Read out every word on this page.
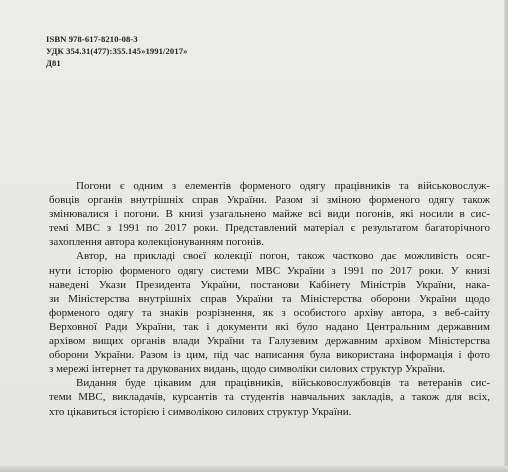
ISBN 978-617-8210-08-3
УДК 354.31(477):355.145»1991/2017»
Д81
Погони є одним з елементів форменого одягу працівників та військовослуж-
бовців органів внутрішніх справ України. Разом зі зміною форменого одягу також
змінювалися і погони. В книзі узагальнено майже всі види погонів, які носили в сис-
темі МВС з 1991 по 2017 роки. Представлений матеріал є результатом багаторічного
захоплення автора колекціонуванням погонів.
Автор, на прикладі своєї колекції погон, також частково дає можливість осяг-
нути історію форменого одягу системи МВС України з 1991 по 2017 роки. У книзі
наведені Укази Президента України, постанови Кабінету Міністрів України, нака-
зи Міністерства внутрішніх справ України та Міністерства оборони України щодо
форменого одягу та знаків розрізнення, як з особистого архіву автора, з веб-сайту
Верховної Ради України, так і документи які було надано Центральним державним
архівом вищих органів влади України та Галузевим державним архівом Міністерства
оборони України. Разом із цим, під час написання була використана інформація і фото
з мережі інтернет та друкованих видань, щодо символіки силових структур України.
Видання буде цікавим для працівників, військовослужбовців та ветеранів сис-
теми МВС, викладачів, курсантів та студентів навчальних закладів, а також для всіх,
хто цікавиться історією і символікою силових структур України.
